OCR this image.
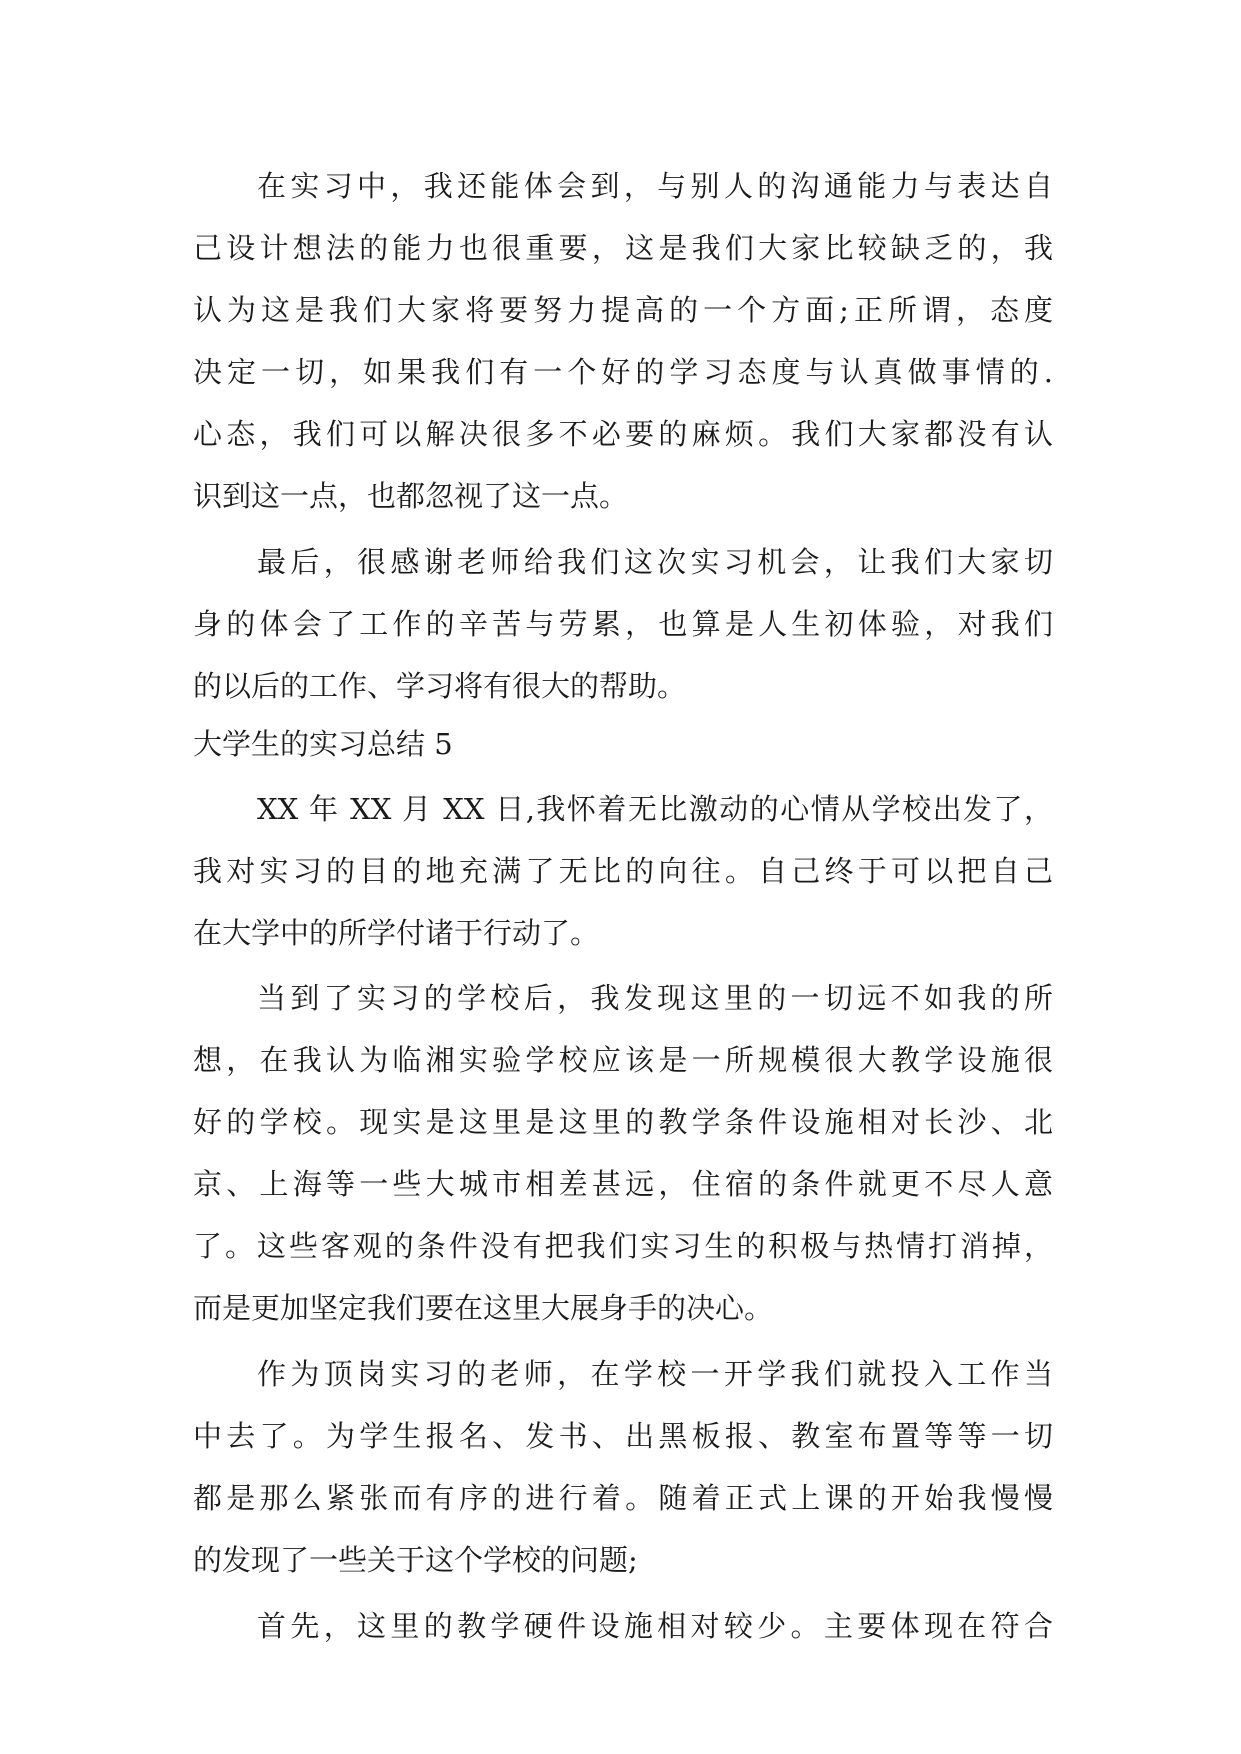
在实习中，我还能体会到，与别人的沟通能力与表达自
己设计想法的能力也很重要，这是我们大家比较缺乏的，我
认为这是我们大家将要努力提高的一个方面;正所谓，态度
决定一切，如果我们有一个好的学习态度与认真做事情的.
心态，我们可以解决很多不必要的麻烦。我们大家都没有认
识到这一点，也都忽视了这一点。
最后，很感谢老师给我们这次实习机会，让我们大家切
身的体会了工作的辛苦与劳累，也算是人生初体验，对我们
的以后的工作、学习将有很大的帮助。
大学生的实习总结 5
XX 年 XX 月 XX 日,我怀着无比激动的心情从学校出发了，
我对实习的目的地充满了无比的向往。自己终于可以把自己
在大学中的所学付诸于行动了。
当到了实习的学校后，我发现这里的一切远不如我的所
想，在我认为临湘实验学校应该是一所规模很大教学设施很
好的学校。现实是这里是这里的教学条件设施相对长沙、北
京、上海等一些大城市相差甚远，住宿的条件就更不尽人意
了。这些客观的条件没有把我们实习生的积极与热情打消掉，
而是更加坚定我们要在这里大展身手的决心。
作为顶岗实习的老师，在学校一开学我们就投入工作当
中去了。为学生报名、发书、出黑板报、教室布置等等一切
都是那么紧张而有序的进行着。随着正式上课的开始我慢慢
的发现了一些关于这个学校的问题;
首先，这里的教学硬件设施相对较少。主要体现在符合
